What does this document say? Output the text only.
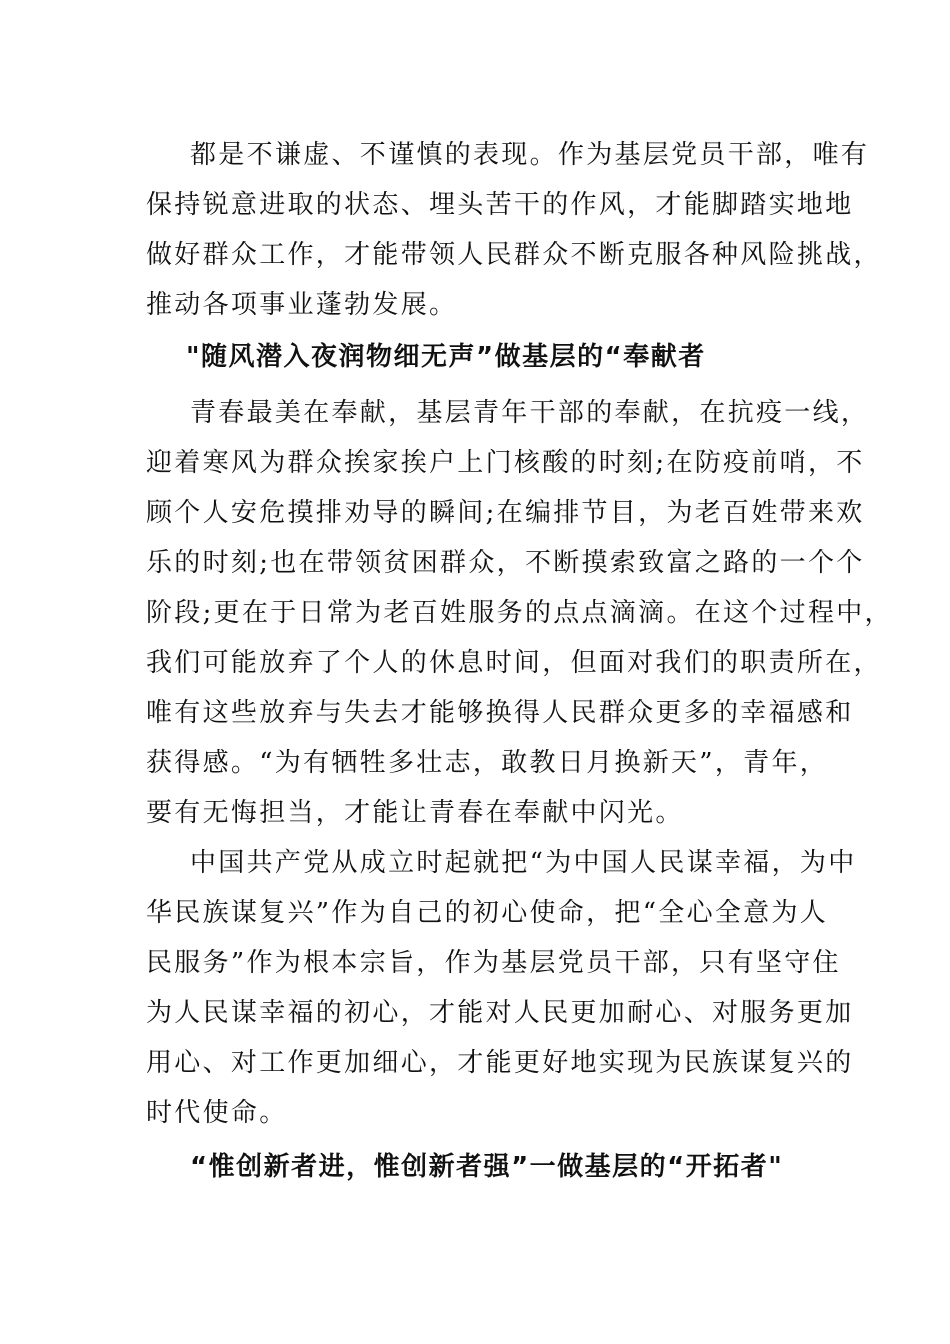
都是不谦虚、不谨慎的表现。作为基层党员干部，唯有
保持锐意进取的状态、埋头苦干的作风，才能脚踏实地地
做好群众工作，才能带领人民群众不断克服各种风险挑战，
推动各项事业蓬勃发展。
"随风潜入夜润物细无声”做基层的“奉献者
青春最美在奉献，基层青年干部的奉献，在抗疫一线，
迎着寒风为群众挨家挨户上门核酸的时刻;在防疫前哨，不
顾个人安危摸排劝导的瞬间;在编排节目，为老百姓带来欢
乐的时刻;也在带领贫困群众，不断摸索致富之路的一个个
阶段;更在于日常为老百姓服务的点点滴滴。在这个过程中，
我们可能放弃了个人的休息时间，但面对我们的职责所在，
唯有这些放弃与失去才能够换得人民群众更多的幸福感和
获得感。“为有牺牲多壮志，敢教日月换新天”，青年，
要有无悔担当，才能让青春在奉献中闪光。
中国共产党从成立时起就把“为中国人民谋幸福，为中
华民族谋复兴”作为自己的初心使命，把“全心全意为人
民服务”作为根本宗旨，作为基层党员干部，只有坚守住
为人民谋幸福的初心，才能对人民更加耐心、对服务更加
用心、对工作更加细心，才能更好地实现为民族谋复兴的
时代使命。
“惟创新者进，惟创新者强”一做基层的“开拓者"
